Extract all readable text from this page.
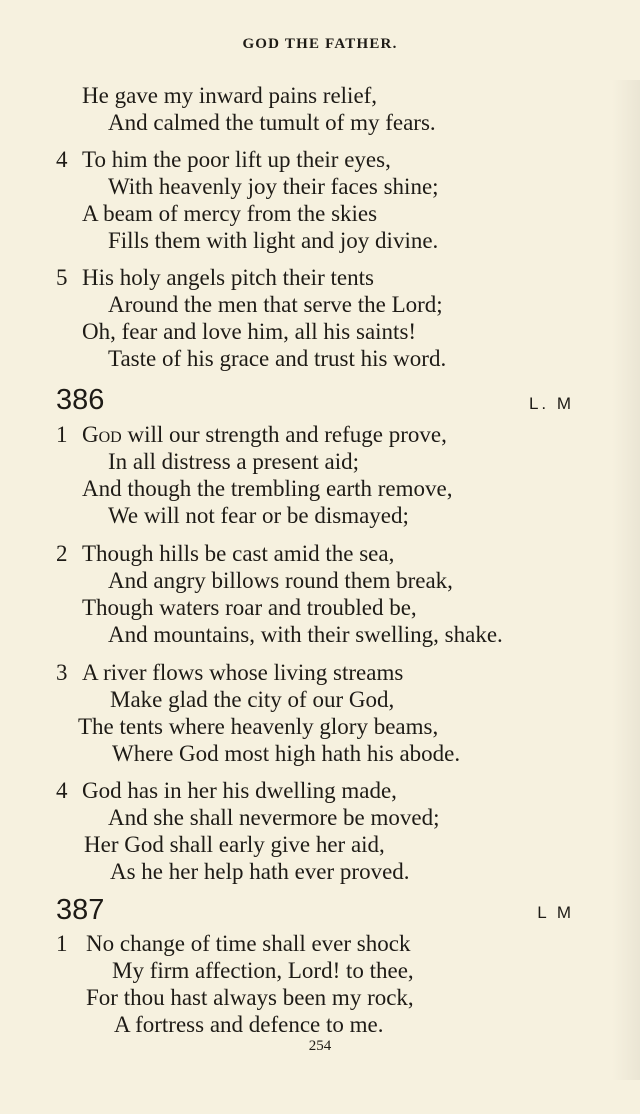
GOD THE FATHER.
He gave my inward pains relief,
And calmed the tumult of my fears.
4 To him the poor lift up their eyes,
With heavenly joy their faces shine;
A beam of mercy from the skies
Fills them with light and joy divine.
5 His holy angels pitch their tents
Around the men that serve the Lord;
Oh, fear and love him, all his saints!
Taste of his grace and trust his word.
386	L. M
1 God will our strength and refuge prove,
In all distress a present aid;
And though the trembling earth remove,
We will not fear or be dismayed;
2 Though hills be cast amid the sea,
And angry billows round them break,
Though waters roar and troubled be,
And mountains, with their swelling, shake.
3 A river flows whose living streams
Make glad the city of our God,
The tents where heavenly glory beams,
Where God most high hath his abode.
4 God has in her his dwelling made,
And she shall nevermore be moved;
Her God shall early give her aid,
As he her help hath ever proved.
387	L M
1 No change of time shall ever shock
My firm affection, Lord! to thee,
For thou hast always been my rock,
A fortress and defence to me.
254
